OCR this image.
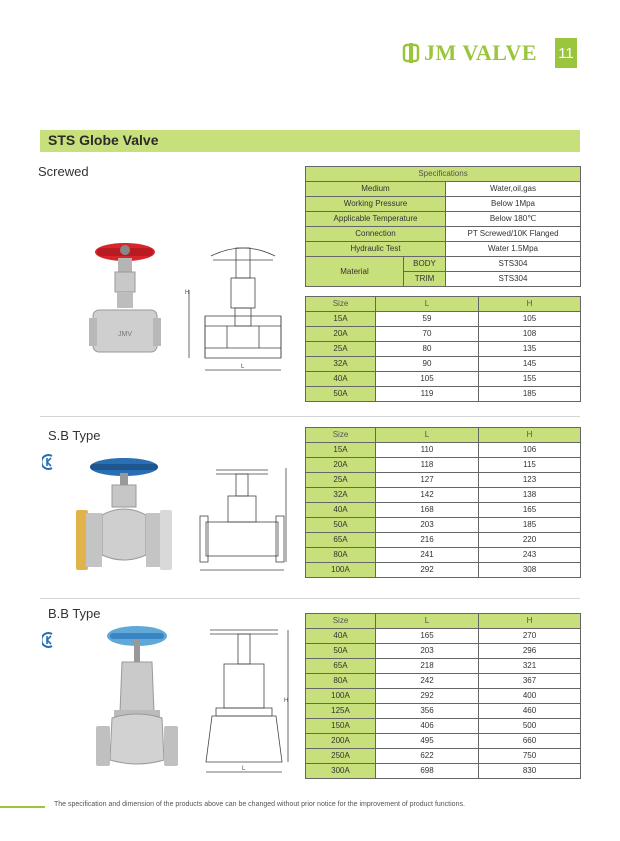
JM VALVE 11
STS Globe Valve
Screwed
JMV
H
L
Specifications		
Medium		Water,oil,gas
Working Pressure		Below 1Mpa
Applicable Temperature		Below 180℃
Connection		PT Screwed/10K Flanged
Hydraulic Test		Water 1.5Mpa
Material	BODY	STS304
	TRIM	STS304
Size	L	H
15A	59	105
20A	70	108
25A	80	135
32A	90	145
40A	105	155
50A	119	185
S.B Type
KC
Size	L	H
15A	110	106
20A	118	115
25A	127	123
32A	142	138
40A	168	165
50A	203	185
65A	216	220
80A	241	243
100A	292	308
B.B Type
KC
H
L
Size	L	H
40A	165	270
50A	203	296
65A	218	321
80A	242	367
100A	292	400
125A	356	460
150A	406	500
200A	495	660
250A	622	750
300A	698	830
The specification and dimension of the products above can be changed without prior notice for the improvement of product functions.
